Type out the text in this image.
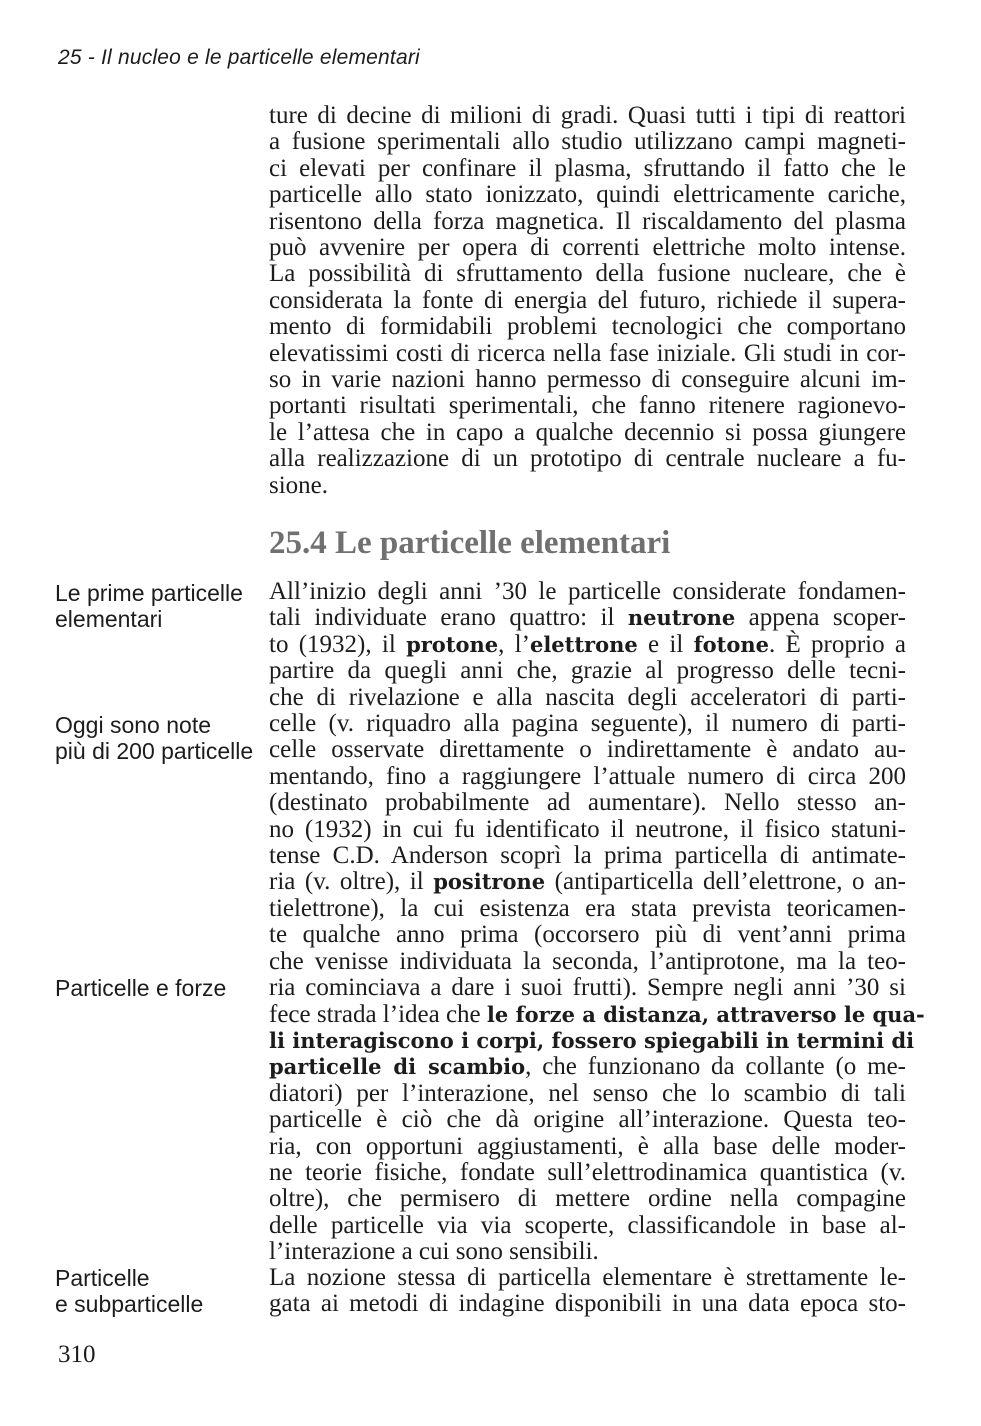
25 - Il nucleo e le particelle elementari
ture di decine di milioni di gradi. Quasi tutti i tipi di reattori
a fusione sperimentali allo studio utilizzano campi magneti-
ci elevati per confinare il plasma, sfruttando il fatto che le
particelle allo stato ionizzato, quindi elettricamente cariche,
risentono della forza magnetica. Il riscaldamento del plasma
può avvenire per opera di correnti elettriche molto intense.
La possibilità di sfruttamento della fusione nucleare, che è
considerata la fonte di energia del futuro, richiede il supera-
mento di formidabili problemi tecnologici che comportano
elevatissimi costi di ricerca nella fase iniziale. Gli studi in cor-
so in varie nazioni hanno permesso di conseguire alcuni im-
portanti risultati sperimentali, che fanno ritenere ragionevo-
le l’attesa che in capo a qualche decennio si possa giungere
alla realizzazione di un prototipo di centrale nucleare a fu-
sione.
25.4 Le particelle elementari
All’inizio degli anni ’30 le particelle considerate fondamen-
tali individuate erano quattro: il neutrone appena scoper-
to (1932), il protone, l’elettrone e il fotone. È proprio a
partire da quegli anni che, grazie al progresso delle tecni-
che di rivelazione e alla nascita degli acceleratori di parti-
celle (v. riquadro alla pagina seguente), il numero di parti-
celle osservate direttamente o indirettamente è andato au-
mentando, fino a raggiungere l’attuale numero di circa 200
(destinato probabilmente ad aumentare). Nello stesso an-
no (1932) in cui fu identificato il neutrone, il fisico statuni-
tense C.D. Anderson scoprì la prima particella di antimate-
ria (v. oltre), il positrone (antiparticella dell’elettrone, o an-
tielettrone), la cui esistenza era stata prevista teoricamen-
te qualche anno prima (occorsero più di vent’anni prima
che venisse individuata la seconda, l’antiprotone, ma la teo-
ria cominciava a dare i suoi frutti). Sempre negli anni ’30 si
fece strada l’idea che le forze a distanza, attraverso le qua-
li interagiscono i corpi, fossero spiegabili in termini di
particelle di scambio, che funzionano da collante (o me-
diatori) per l’interazione, nel senso che lo scambio di tali
particelle è ciò che dà origine all’interazione. Questa teo-
ria, con opportuni aggiustamenti, è alla base delle moder-
ne teorie fisiche, fondate sull’elettrodinamica quantistica (v.
oltre), che permisero di mettere ordine nella compagine
delle particelle via via scoperte, classificandole in base al-
l’interazione a cui sono sensibili.
La nozione stessa di particella elementare è strettamente le-
gata ai metodi di indagine disponibili in una data epoca sto-
Le prime particelle
elementari
Oggi sono note
più di 200 particelle
Particelle e forze
Particelle
e subparticelle
310
